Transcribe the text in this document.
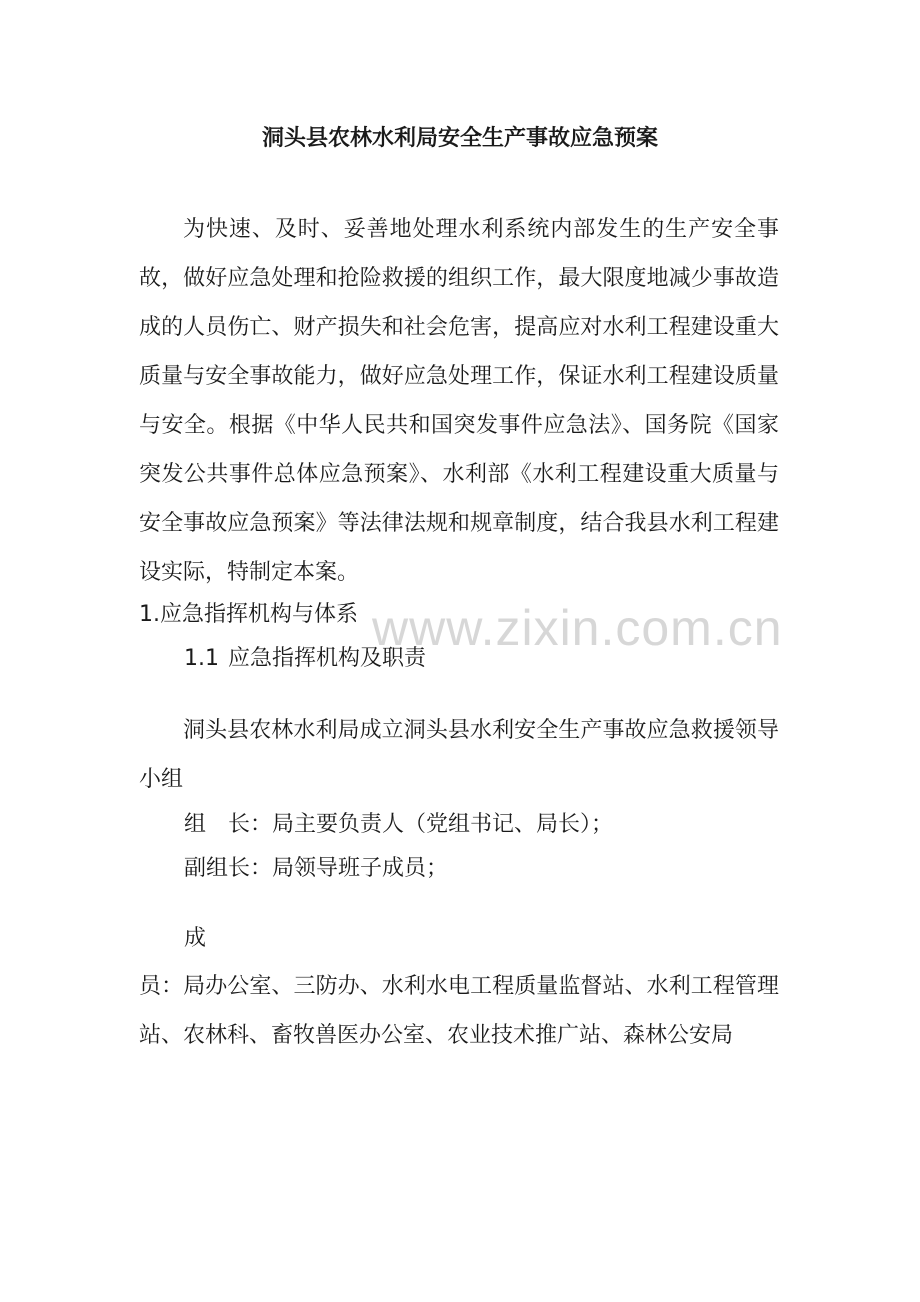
www.zixin.com.cn
洞头县农林水利局安全生产事故应急预案
为快速、及时、妥善地处理水利系统内部发生的生产安全事故，做好应急处理和抢险救援的组织工作，最大限度地减少事故造成的人员伤亡、财产损失和社会危害，提高应对水利工程建设重大质量与安全事故能力，做好应急处理工作，保证水利工程建设质量与安全。根据《中华人民共和国突发事件应急法》、国务院《国家突发公共事件总体应急预案》、水利部《水利工程建设重大质量与安全事故应急预案》等法律法规和规章制度，结合我县水利工程建设实际，特制定本案。
1.应急指挥机构与体系
1.1 应急指挥机构及职责
洞头县农林水利局成立洞头县水利安全生产事故应急救援领导小组
组　长：局主要负责人（党组书记、局长）；
副组长：局领导班子成员；
成
员：局办公室、三防办、水利水电工程质量监督站、水利工程管理站、农林科、畜牧兽医办公室、农业技术推广站、森林公安局
